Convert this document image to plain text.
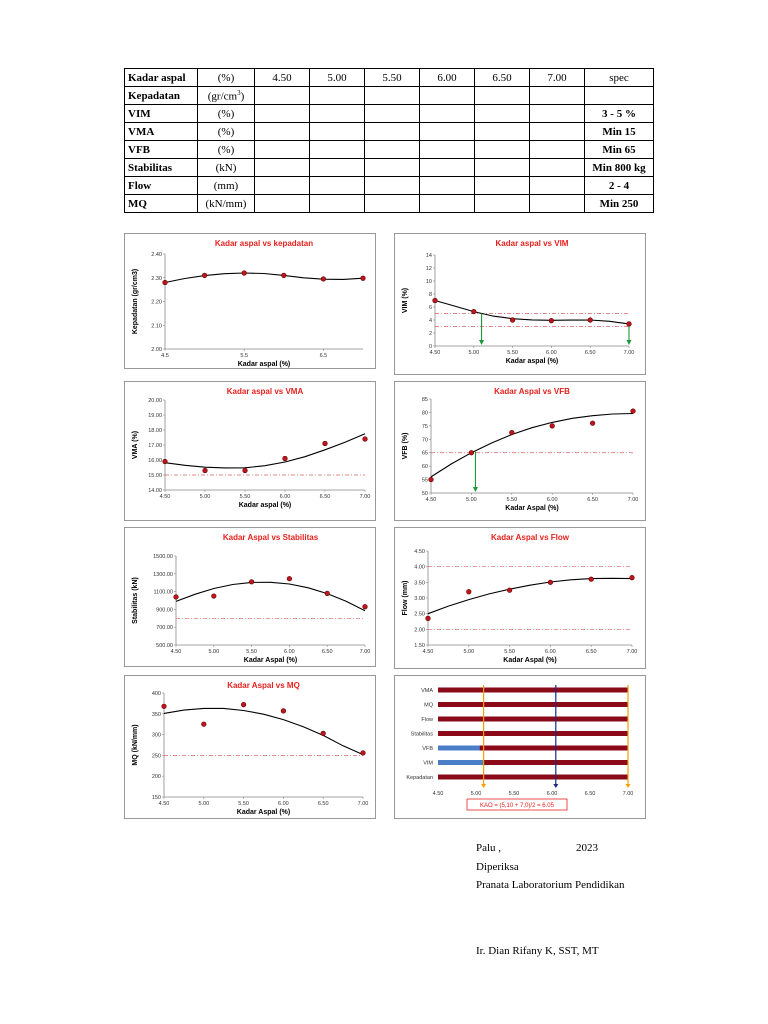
Kadar aspal	(%)	4.50	5.00	5.50	6.00	6.50	7.00	spec
Kepadatan	$(gr/cm^3)$							
VIM	(%)							3 - 5 %
VMA	(%)							Min 15
VFB	(%)							Min 65
Stabilitas	(kN)							Min 800 kg
Flow	(mm)							2 - 4
MQ	(kN/mm)							Min 250
Kadar aspal vs kepadatan
2.00
2.10
2.20
2.30
2.40
4.5	5.5	6.5
Kadar aspal (%)
Kepadatan (gr/cm3)
Kadar aspal vs VIM
0
2
4
6
8
10
12
14
4.50	5.00	5.50	6.00	6.50	7.00
Kadar aspal (%)
VIM (%)
Kadar aspal vs VMA
14.00
15.00
16.00
17.00
18.00
19.00
20.00
4.50	5.00	5.50	6.00	6.50	7.00
Kadar aspal (%)
VMA (%)
Kadar Aspal vs VFB
50
55
60
65
70
75
80
85
4.50	5.00	5.50	6.00	6.50	7.00
Kadar Aspal (%)
VFB (%)
Kadar Aspal vs Stabilitas
500.00
700.00
900.00
1100.00
1300.00
1500.00
4.50	5.00	5.50	6.00	6.50	7.00
Kadar Aspal (%)
Stabilitas (kN)
Kadar Aspal vs Flow
1.50
2.00
2.50
3.00
3.50
4.00
4.50
4.50	5.00	5.50	6.00	6.50	7.00
Kadar Aspal (%)
Flow (mm)
Kadar Aspal vs MQ
150
200
250
300
350
400
4.50	5.00	5.50	6.00	6.50	7.00
Kadar Aspal (%)
MQ (kN/mm)
VMA
MQ
Flow
Stabilitas
VFB
VIM
Kepadatan
4.50	5.00	5.50	6.00	6.50	7.00
KAO = (5,10 + 7,0)/2 = 6.05
Palu ,	2023
Diperiksa
Pranata Laboratorium Pendidikan
Ir. Dian Rifany K, SST, MT
